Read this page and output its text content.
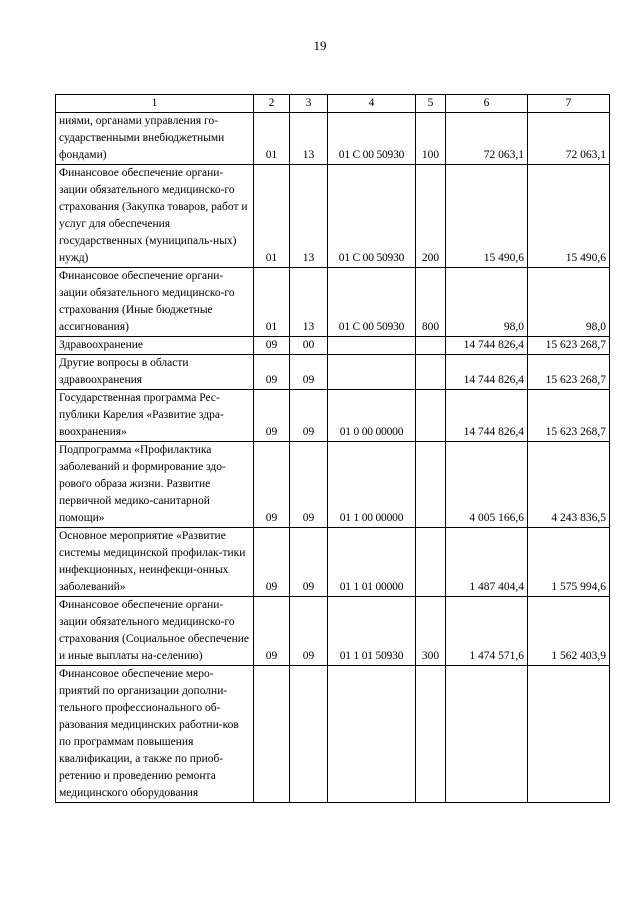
19
1	2	3	4	5	6	7
ниями, органами управления го-сударственными внебюджетными фондами)	01	13	01 С 00 50930	100	72 063,1	72 063,1
Финансовое обеспечение органи-зации обязательного медицинско-го страхования (Закупка товаров, работ и услуг для обеспечения государственных (муниципаль-ных) нужд)	01	13	01 С 00 50930	200	15 490,6	15 490,6
Финансовое обеспечение органи-зации обязательного медицинско-го страхования (Иные бюджетные ассигнования)	01	13	01 С 00 50930	800	98,0	98,0
Здравоохранение	09	00			14 744 826,4	15 623 268,7
Другие вопросы в области здравоохранения	09	09			14 744 826,4	15 623 268,7
Государственная программа Рес-публики Карелия «Развитие здра-воохранения»	09	09	01 0 00 00000		14 744 826,4	15 623 268,7
Подпрограмма «Профилактика заболеваний и формирование здо-рового образа жизни. Развитие первичной медико-санитарной помощи»	09	09	01 1 00 00000		4 005 166,6	4 243 836,5
Основное мероприятие «Развитие системы медицинской профилак-тики инфекционных, неинфекци-онных заболеваний»	09	09	01 1 01 00000		1 487 404,4	1 575 994,6
Финансовое обеспечение органи-зации обязательного медицинско-го страхования (Социальное обеспечение и иные выплаты на-селению)	09	09	01 1 01 50930	300	1 474 571,6	1 562 403,9
Финансовое обеспечение меро-приятий по организации дополни-тельного профессионального об-разования медицинских работни-ков по программам повышения квалификации, а также по приоб-ретению и проведению ремонта медицинского оборудования						
